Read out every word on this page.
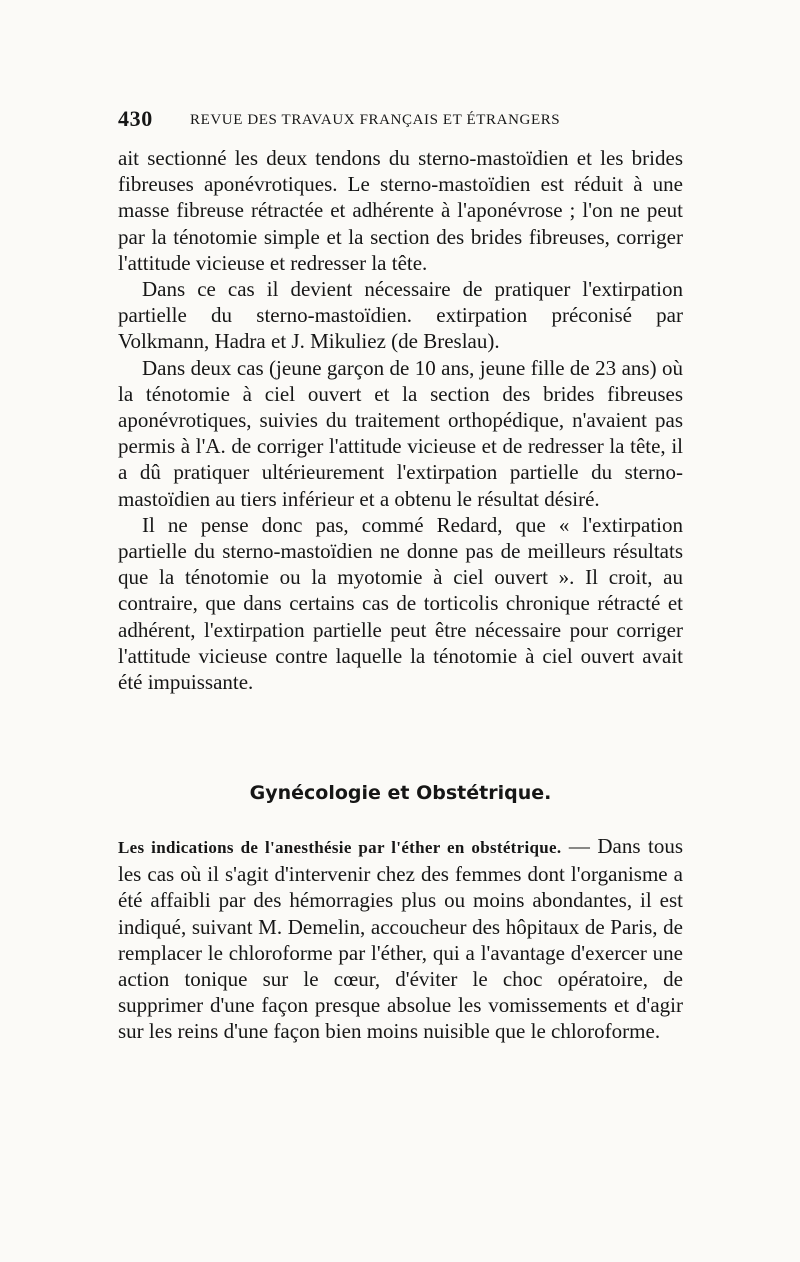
430 REVUE DES TRAVAUX FRANÇAIS ET ÉTRANGERS

ait sectionné les deux tendons du sterno-mastoïdien et les brides fibreuses aponévrotiques. Le sterno-mastoïdien est réduit à une masse fibreuse rétractée et adhérente à l'aponévrose ; l'on ne peut par la ténotomie simple et la section des brides fibreuses, corriger l'attitude vicieuse et redresser la tête.

Dans ce cas il devient nécessaire de pratiquer l'extirpation partielle du sterno-mastoïdien. extirpation préconisé par Volkmann, Hadra et J. Mikuliez (de Breslau).

Dans deux cas (jeune garçon de 10 ans, jeune fille de 23 ans) où la ténotomie à ciel ouvert et la section des brides fibreuses aponévrotiques, suivies du traitement orthopédique, n'avaient pas permis à l'A. de corriger l'attitude vicieuse et de redresser la tête, il a dû pratiquer ultérieurement l'extirpation partielle du sterno-mastoïdien au tiers inférieur et a obtenu le résultat désiré.

Il ne pense donc pas, commé Redard, que « l'extirpation partielle du sterno-mastoïdien ne donne pas de meilleurs résultats que la ténotomie ou la myotomie à ciel ouvert ». Il croit, au contraire, que dans certains cas de torticolis chronique rétracté et adhérent, l'extirpation partielle peut être nécessaire pour corriger l'attitude vicieuse contre laquelle la ténotomie à ciel ouvert avait été impuissante.

Gynécologie et Obstétrique.
Les indications de l'anesthésie par l'éther en obstétrique. — Dans tous les cas où il s'agit d'intervenir chez des femmes dont l'organisme a été affaibli par des hémorragies plus ou moins abondantes, il est indiqué, suivant M. Demelin, accoucheur des hôpitaux de Paris, de remplacer le chloroforme par l'éther, qui a l'avantage d'exercer une action tonique sur le cœur, d'éviter le choc opératoire, de supprimer d'une façon presque absolue les vomissements et d'agir sur les reins d'une façon bien moins nuisible que le chloroforme.
